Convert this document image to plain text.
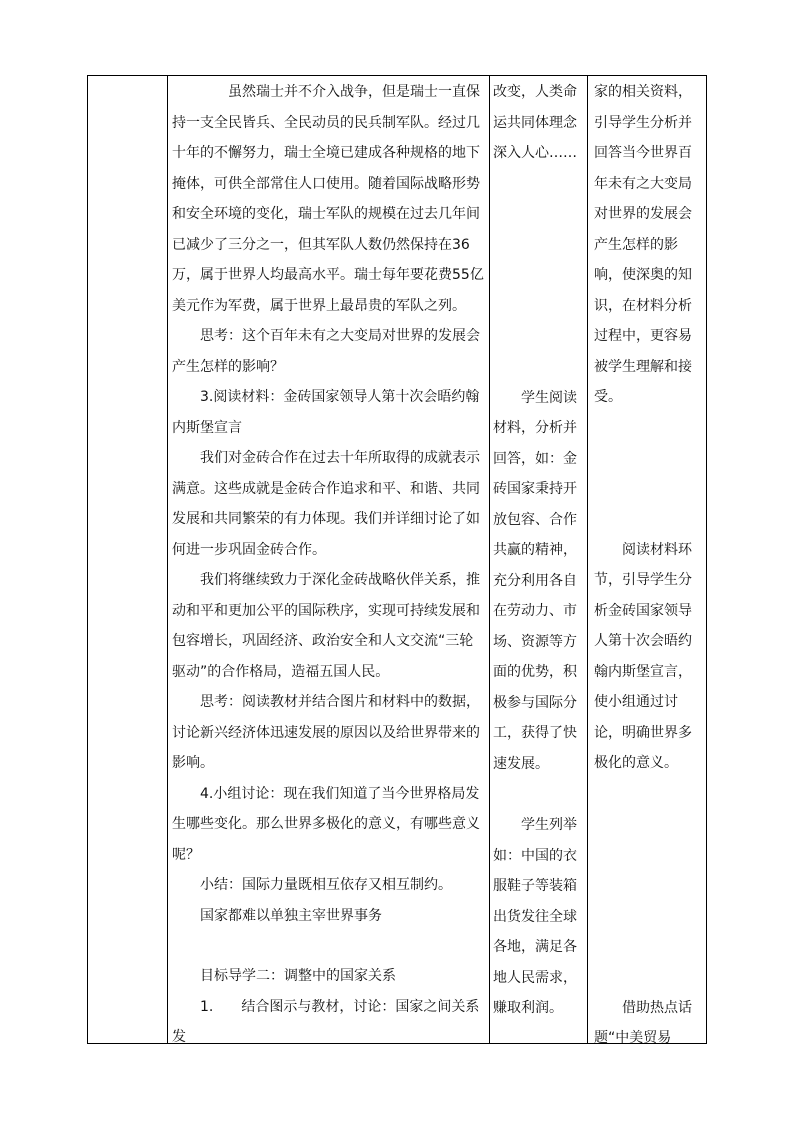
虽然瑞士并不介入战争，但是瑞士一直保持一支全民皆兵、全民动员的民兵制军队。经过几十年的不懈努力，瑞士全境已建成各种规格的地下掩体，可供全部常住人口使用。随着国际战略形势和安全环境的变化，瑞士军队的规模在过去几年间已减少了三分之一，但其军队人数仍然保持在36万，属于世界人均最高水平。瑞士每年要花费55亿美元作为军费，属于世界上最昂贵的军队之列。

思考：这个百年未有之大变局对世界的发展会产生怎样的影响？

3.阅读材料：金砖国家领导人第十次会晤约翰内斯堡宣言

我们对金砖合作在过去十年所取得的成就表示满意。这些成就是金砖合作追求和平、和谐、共同发展和共同繁荣的有力体现。我们并详细讨论了如何进一步巩固金砖合作。

我们将继续致力于深化金砖战略伙伴关系，推动和平和更加公平的国际秩序，实现可持续发展和包容增长，巩固经济、政治安全和人文交流“三轮驱动”的合作格局，造福五国人民。

思考：阅读教材并结合图片和材料中的数据，讨论新兴经济体迅速发展的原因以及给世界带来的影响。

4.小组讨论：现在我们知道了当今世界格局发生哪些变化。那么世界多极化的意义，有哪些意义呢？

小结：国际力量既相互依存又相互制约。

国家都难以单独主宰世界事务

目标导学二：调整中的国家关系

1. 结合图示与教材，讨论：国家之间关系发

改变，人类命运共同体理念深入人心……

学生阅读材料，分析并回答，如：金砖国家秉持开放包容、合作共赢的精神，充分利用各自在劳动力、市场、资源等方面的优势，积极参与国际分工，获得了快速发展。

学生列举如：中国的衣服鞋子等装箱出货发往全球各地，满足各地人民需求，赚取利润。

家的相关资料，引导学生分析并回答当今世界百年未有之大变局对世界的发展会产生怎样的影响，使深奥的知识，在材料分析过程中，更容易被学生理解和接受。

阅读材料环节，引导学生分析金砖国家领导人第十次会晤约翰内斯堡宣言，使小组通过讨论，明确世界多极化的意义。

借助热点话题“中美贸易
